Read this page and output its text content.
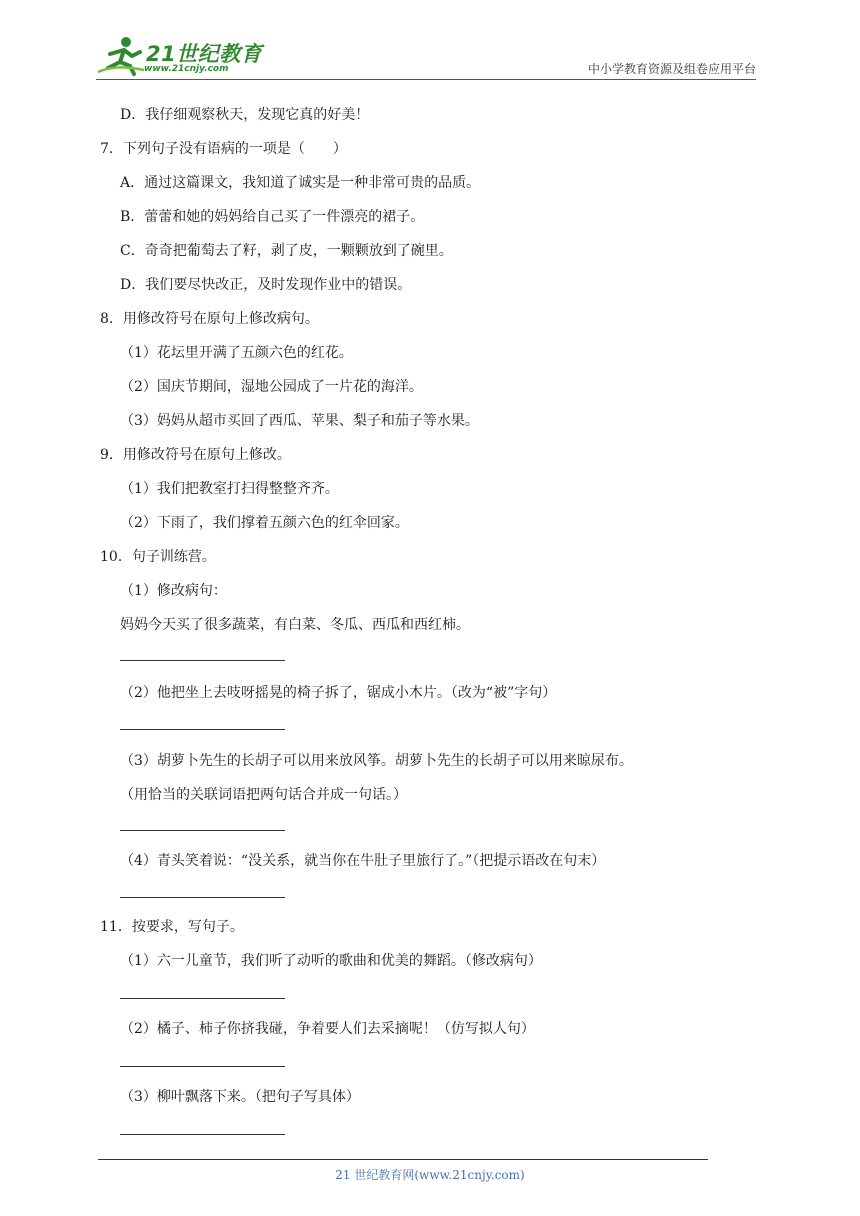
21世纪教育
www.21cnjy.com	中小学教育资源及组卷应用平台
D．我仔细观察秋天，发现它真的好美！
7．下列句子没有语病的一项是（　　）
A．通过这篇课文，我知道了诚实是一种非常可贵的品质。
B．蕾蕾和她的妈妈给自己买了一件漂亮的裙子。
C．奇奇把葡萄去了籽，剥了皮，一颗颗放到了碗里。
D．我们要尽快改正，及时发现作业中的错误。
8．用修改符号在原句上修改病句。
（1）花坛里开满了五颜六色的红花。
（2）国庆节期间，湿地公园成了一片花的海洋。
（3）妈妈从超市买回了西瓜、苹果、梨子和茄子等水果。
9．用修改符号在原句上修改。
（1）我们把教室打扫得整整齐齐。
（2）下雨了，我们撑着五颜六色的红伞回家。
10．句子训练营。
（1）修改病句：
妈妈今天买了很多蔬菜，有白菜、冬瓜、西瓜和西红柿。
（2）他把坐上去吱呀摇晃的椅子拆了，锯成小木片。（改为“被”字句）
（3）胡萝卜先生的长胡子可以用来放风筝。胡萝卜先生的长胡子可以用来晾尿布。
（用恰当的关联词语把两句话合并成一句话。）
（4）青头笑着说：“没关系，就当你在牛肚子里旅行了。”（把提示语改在句末）
11．按要求，写句子。
（1）六一儿童节，我们听了动听的歌曲和优美的舞蹈。（修改病句）
（2）橘子、柿子你挤我碰，争着要人们去采摘呢！（仿写拟人句）
（3）柳叶飘落下来。（把句子写具体）
21 世纪教育网(www.21cnjy.com)
